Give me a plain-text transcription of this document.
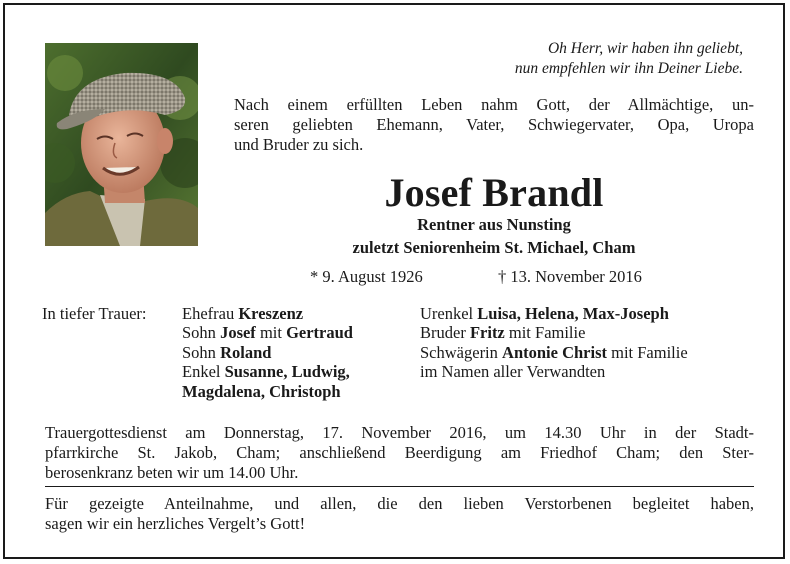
Oh Herr, wir haben ihn geliebt,
nun empfehlen wir ihn Deiner Liebe.
Nach einem erfüllten Leben nahm Gott, der Allmächtige, un-
seren geliebten Ehemann, Vater, Schwiegervater, Opa, Uropa
und Bruder zu sich.
Josef Brandl
Rentner aus Nunsting
zuletzt Seniorenheim St. Michael, Cham
* 9. August 1926	† 13. November 2016
In tiefer Trauer: Ehefrau Kreszenz
Sohn Josef mit Gertraud
Sohn Roland
Enkel Susanne, Ludwig,
Magdalena, Christoph
Urenkel Luisa, Helena, Max-Joseph
Bruder Fritz mit Familie
Schwägerin Antonie Christ mit Familie
im Namen aller Verwandten
Trauergottesdienst am Donnerstag, 17. November 2016, um 14.30 Uhr in der Stadt-
pfarrkirche St. Jakob, Cham; anschließend Beerdigung am Friedhof Cham; den Ster-
berosenkranz beten wir um 14.00 Uhr.
Für gezeigte Anteilnahme, und allen, die den lieben Verstorbenen begleitet haben,
sagen wir ein herzliches Vergelt’s Gott!
